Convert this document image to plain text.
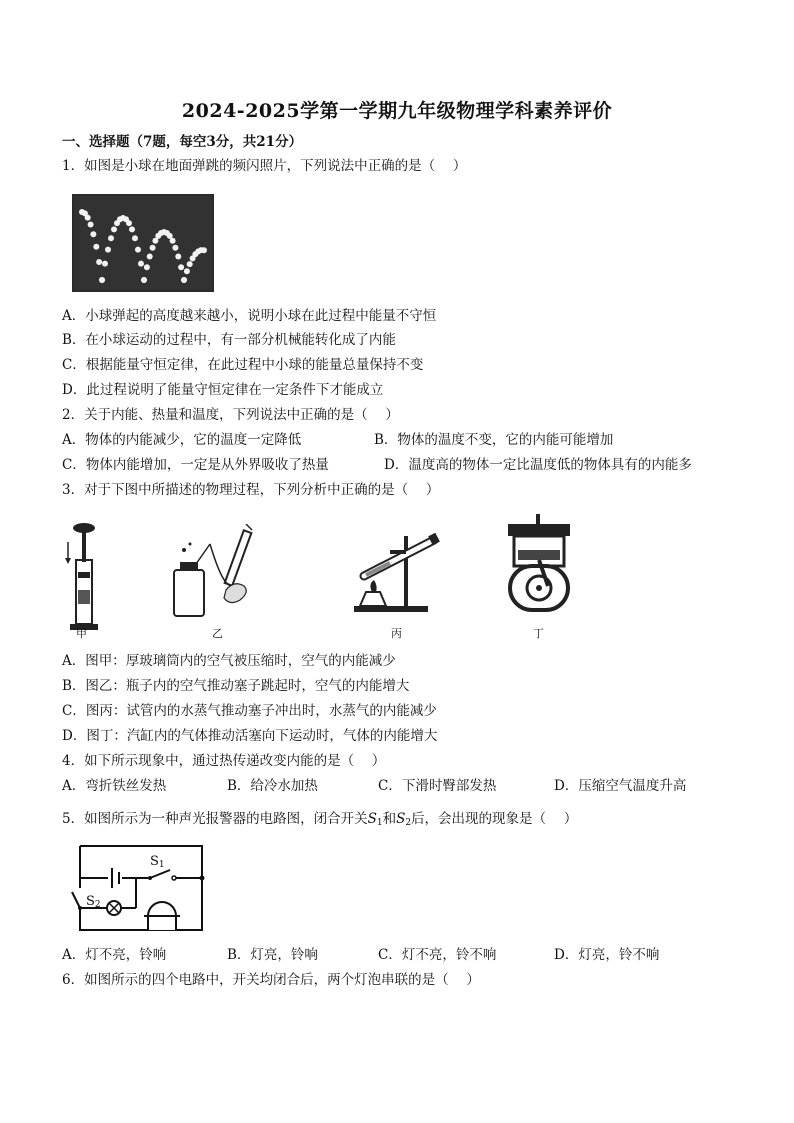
2024-2025学第一学期九年级物理学科素养评价
一、选择题（7题，每空3分，共21分）
1．如图是小球在地面弹跳的频闪照片，下列说法中正确的是（　 ）
A．小球弹起的高度越来越小，说明小球在此过程中能量不守恒
B．在小球运动的过程中，有一部分机械能转化成了内能
C．根据能量守恒定律，在此过程中小球的能量总量保持不变
D．此过程说明了能量守恒定律在一定条件下才能成立
2．关于内能、热量和温度，下列说法中正确的是（　 ）
A．物体的内能减少，它的温度一定降低	B．物体的温度不变，它的内能可能增加
C．物体内能增加，一定是从外界吸收了热量	D．温度高的物体一定比温度低的物体具有的内能多
3．对于下图中所描述的物理过程，下列分析中正确的是（　 ）
甲	乙	丙	丁
A．图甲：厚玻璃筒内的空气被压缩时，空气的内能减少
B．图乙：瓶子内的空气推动塞子跳起时，空气的内能增大
C．图丙：试管内的水蒸气推动塞子冲出时，水蒸气的内能减少
D．图丁：汽缸内的气体推动活塞向下运动时，气体的内能增大
4．如下所示现象中，通过热传递改变内能的是（　 ）
A．弯折铁丝发热	B．给冷水加热	C．下滑时臀部发热	D．压缩空气温度升高
5．如图所示为一种声光报警器的电路图，闭合开关$S_1$和$S_2$后，会出现的现象是（　 ）
$S_1$
$S_2$
A．灯不亮，铃响	B．灯亮，铃响	C．灯不亮，铃不响	D．灯亮，铃不响
6．如图所示的四个电路中，开关均闭合后，两个灯泡串联的是（　 ）
